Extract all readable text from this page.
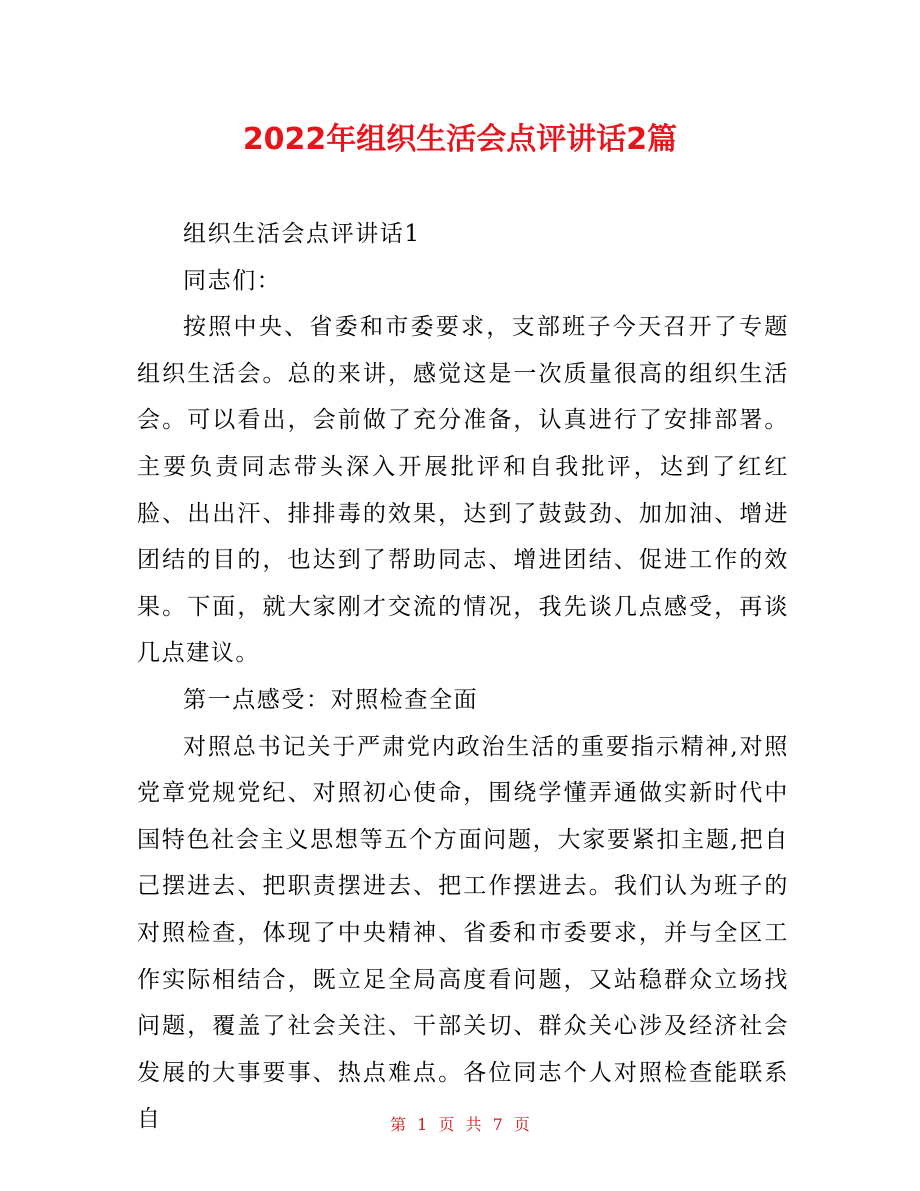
2022年组织生活会点评讲话2篇

组织生活会点评讲话1

同志们：

按照中央、省委和市委要求，支部班子今天召开了专题组织生活会。总的来讲，感觉这是一次质量很高的组织生活会。可以看出，会前做了充分准备，认真进行了安排部署。主要负责同志带头深入开展批评和自我批评，达到了红红脸、出出汗、排排毒的效果，达到了鼓鼓劲、加加油、增进团结的目的，也达到了帮助同志、增进团结、促进工作的效果。下面，就大家刚才交流的情况，我先谈几点感受，再谈几点建议。

第一点感受：对照检查全面

对照总书记关于严肃党内政治生活的重要指示精神,对照党章党规党纪、对照初心使命，围绕学懂弄通做实新时代中国特色社会主义思想等五个方面问题，大家要紧扣主题,把自己摆进去、把职责摆进去、把工作摆进去。我们认为班子的对照检查，体现了中央精神、省委和市委要求，并与全区工作实际相结合，既立足全局高度看问题，又站稳群众立场找问题，覆盖了社会关注、干部关切、群众关心涉及经济社会发展的大事要事、热点难点。各位同志个人对照检查能联系自	第 1 页 共 7 页
